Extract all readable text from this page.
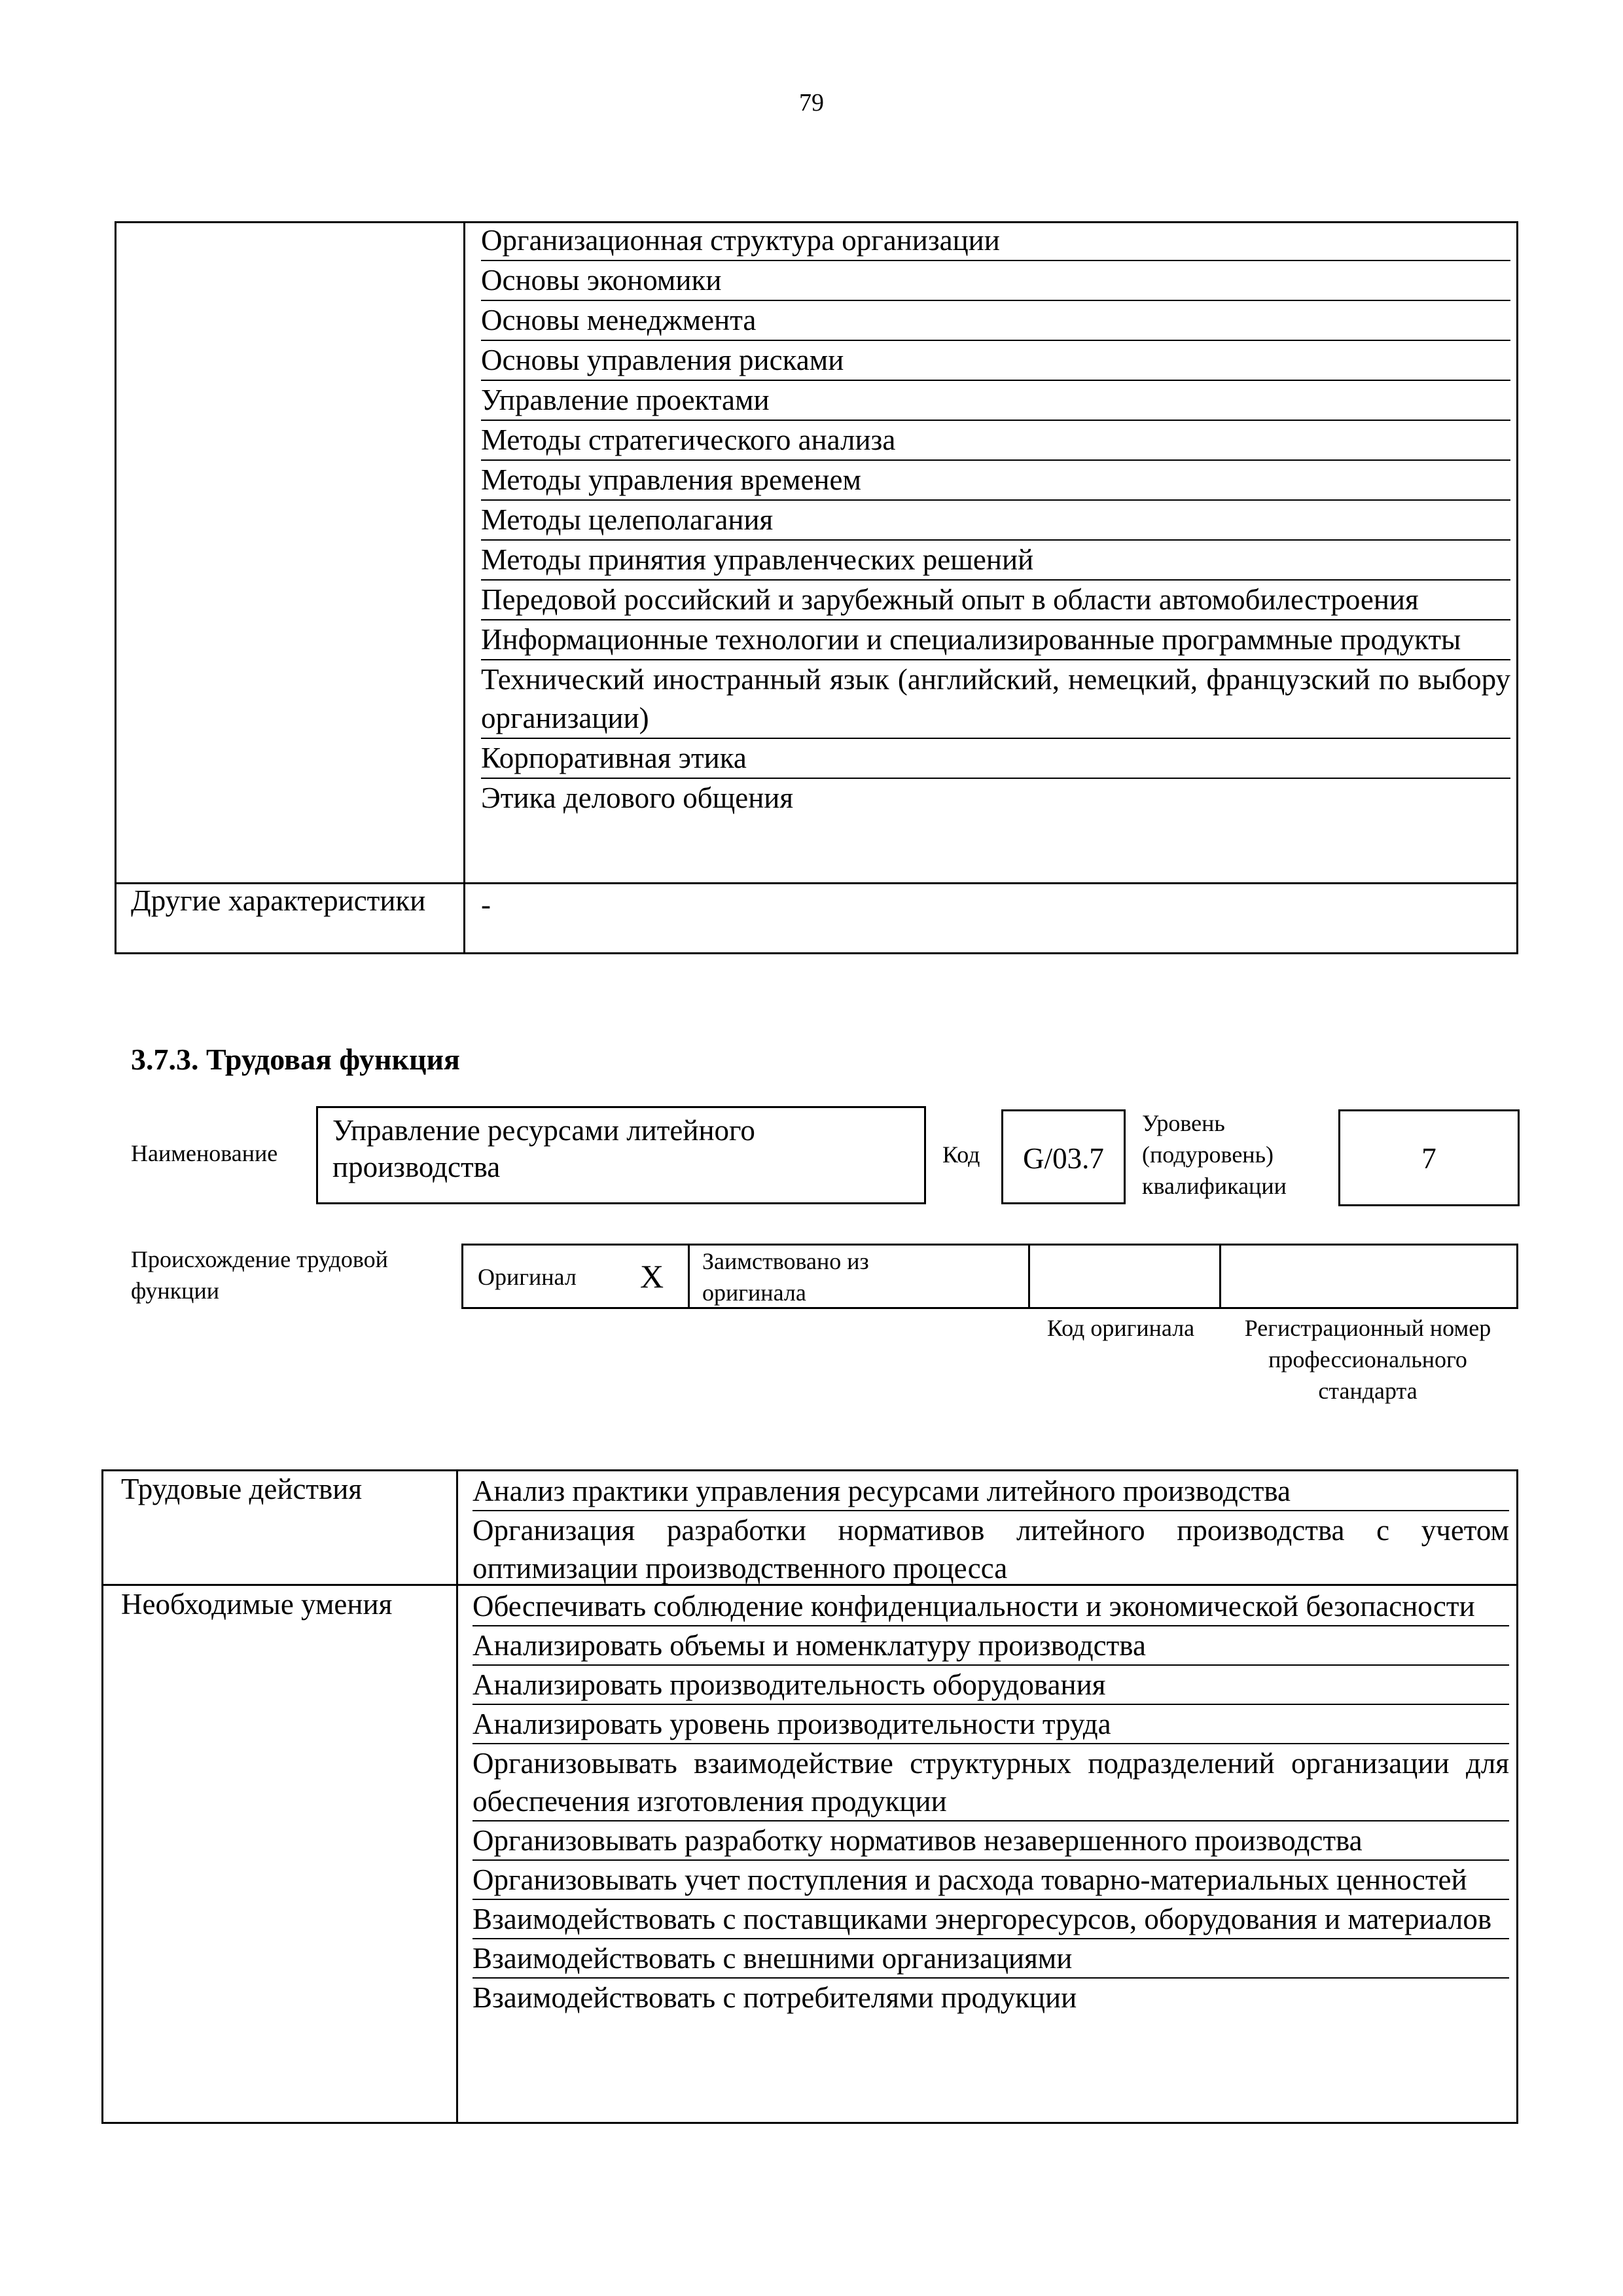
79
Организационная структура организации
Основы экономики
Основы менеджмента
Основы управления рисками
Управление проектами
Методы стратегического анализа
Методы управления временем
Методы целеполагания
Методы принятия управленческих решений
Передовой российский и зарубежный опыт в области автомобилестроения
Информационные технологии и специализированные программные продукты
Технический иностранный язык (английский, немецкий, французский по выбору организации)
Корпоративная этика
Этика делового общения
Другие характеристики	-
3.7.3. Трудовая функция
Наименование
Управление ресурсами литейного производства	Код	G/03.7
Уровень (подуровень) квалификации
7
Происхождение трудовой функции
Оригинал X Заимствовано из оригинала
Код оригинала Регистрационный номер профессионального стандарта
Трудовые действия	Анализ практики управления ресурсами литейного производства
Организация разработки нормативов литейного производства с учетом оптимизации производственного процесса
Необходимые умения	Обеспечивать соблюдение конфиденциальности и экономической безопасности
Анализировать объемы и номенклатуру производства
Анализировать производительность оборудования
Анализировать уровень производительности труда
Организовывать взаимодействие структурных подразделений организации для обеспечения изготовления продукции
Организовывать разработку нормативов незавершенного производства
Организовывать учет поступления и расхода товарно-материальных ценностей
Взаимодействовать с поставщиками энергоресурсов, оборудования и материалов
Взаимодействовать с внешними организациями
Взаимодействовать с потребителями продукции
